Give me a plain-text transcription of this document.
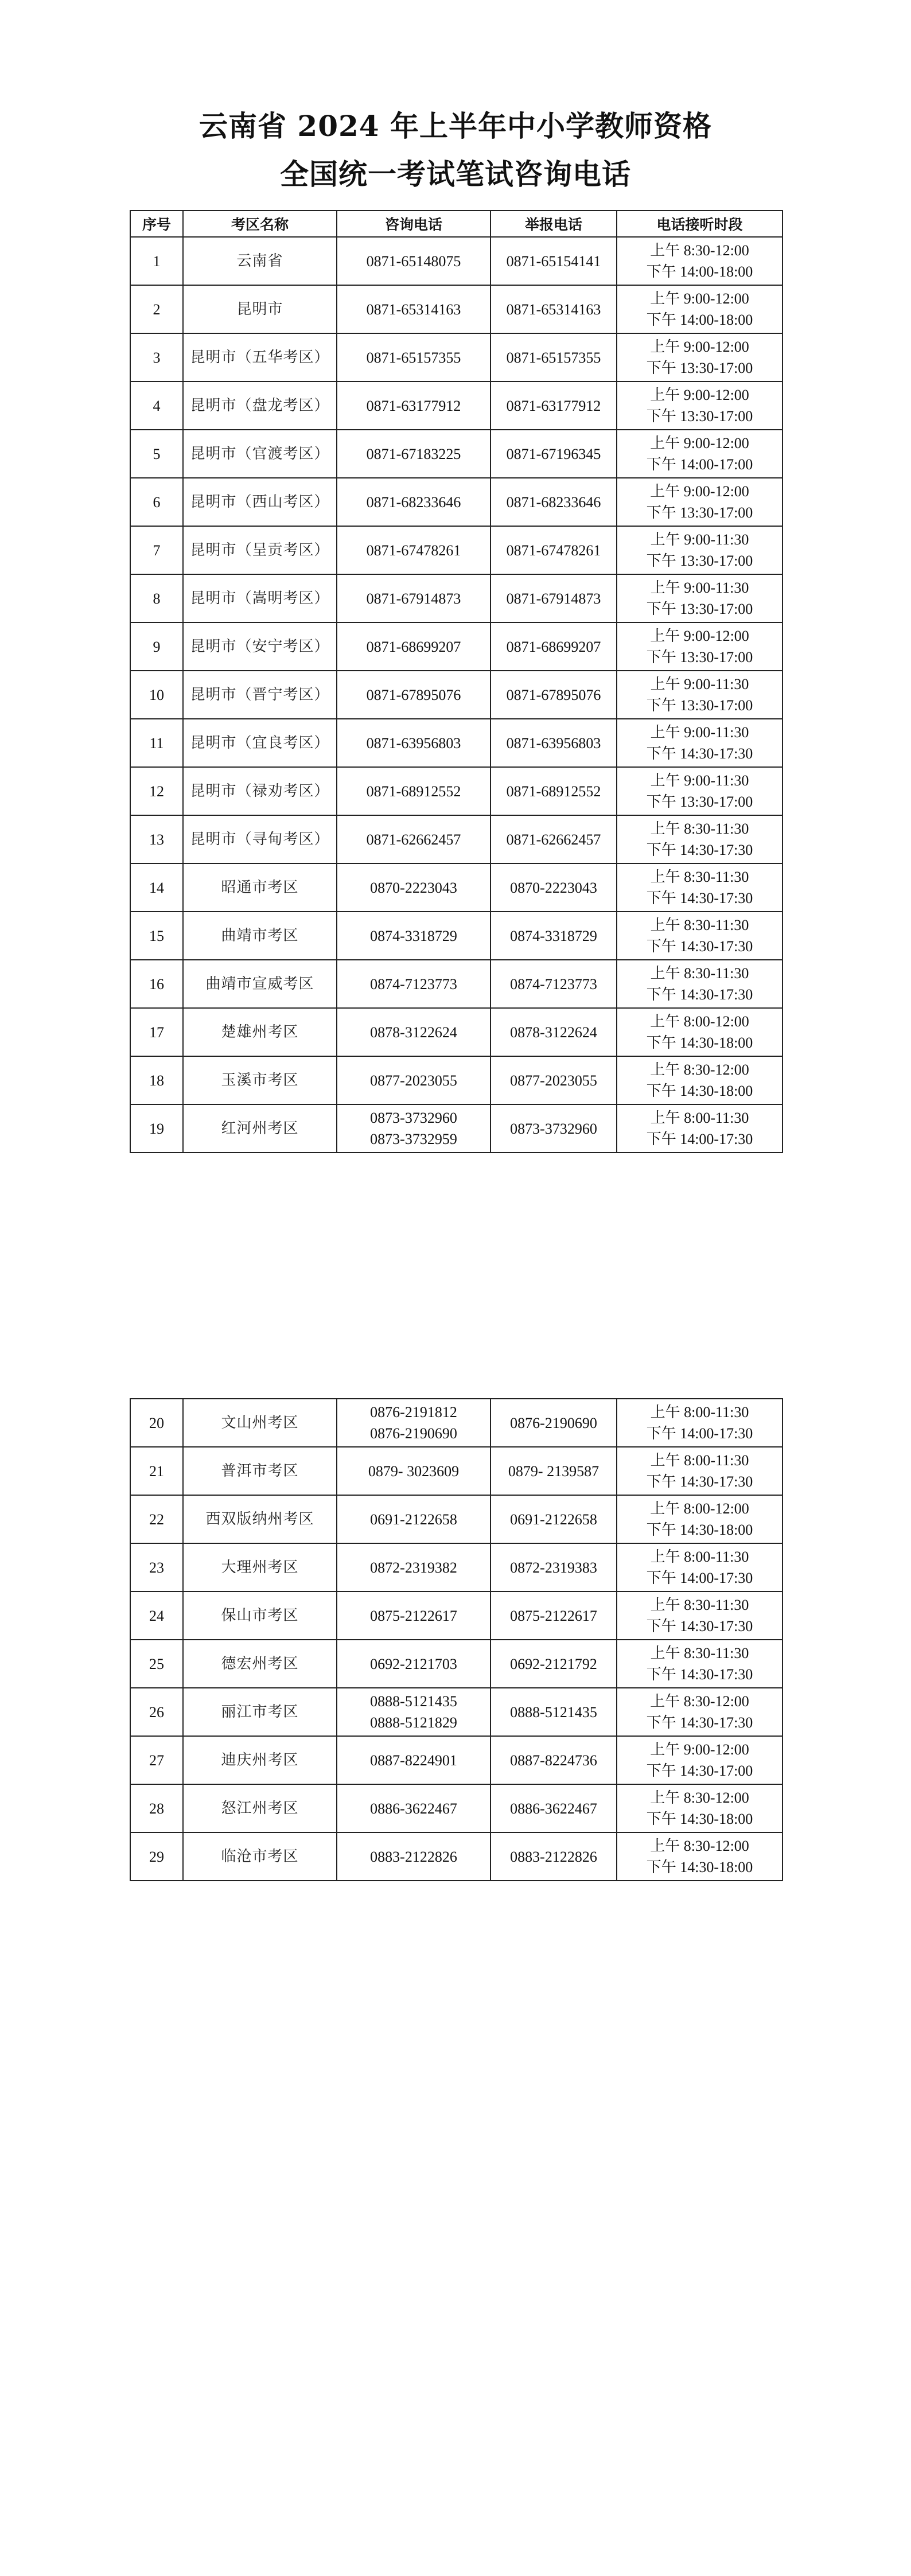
云南省 2024 年上半年中小学教师资格
全国统一考试笔试咨询电话
序号	考区名称	咨询电话	举报电话	电话接听时段
1	云南省	0871-65148075	0871-65154141	上午 8:30-12:00
下午 14:00-18:00

2	昆明市	0871-65314163	0871-65314163	上午 9:00-12:00
下午 14:00-18:00

3	昆明市（五华考区）	0871-65157355	0871-65157355	上午 9:00-12:00
下午 13:30-17:00

4	昆明市（盘龙考区）	0871-63177912	0871-63177912	上午 9:00-12:00
下午 13:30-17:00

5	昆明市（官渡考区）	0871-67183225	0871-67196345	上午 9:00-12:00
下午 14:00-17:00

6	昆明市（西山考区）	0871-68233646	0871-68233646	上午 9:00-12:00
下午 13:30-17:00

7	昆明市（呈贡考区）	0871-67478261	0871-67478261	上午 9:00-11:30
下午 13:30-17:00

8	昆明市（嵩明考区）	0871-67914873	0871-67914873	上午 9:00-11:30
下午 13:30-17:00

9	昆明市（安宁考区）	0871-68699207	0871-68699207	上午 9:00-12:00
下午 13:30-17:00

10	昆明市（晋宁考区）	0871-67895076	0871-67895076	上午 9:00-11:30
下午 13:30-17:00

11	昆明市（宜良考区）	0871-63956803	0871-63956803	上午 9:00-11:30
下午 14:30-17:30

12	昆明市（禄劝考区）	0871-68912552	0871-68912552	上午 9:00-11:30
下午 13:30-17:00

13	昆明市（寻甸考区）	0871-62662457	0871-62662457	上午 8:30-11:30
下午 14:30-17:30

14	昭通市考区	0870-2223043	0870-2223043	上午 8:30-11:30
下午 14:30-17:30

15	曲靖市考区	0874-3318729	0874-3318729	上午 8:30-11:30
下午 14:30-17:30

16	曲靖市宣威考区	0874-7123773	0874-7123773	上午 8:30-11:30
下午 14:30-17:30

17	楚雄州考区	0878-3122624	0878-3122624	上午 8:00-12:00
下午 14:30-18:00

18	玉溪市考区	0877-2023055	0877-2023055	上午 8:30-12:00
下午 14:30-18:00

19	红河州考区	0873-3732960
0873-3732959	0873-3732960	上午 8:00-11:30
下午 14:00-17:30
20	文山州考区	0876-2191812
0876-2190690	0876-2190690	上午 8:00-11:30
下午 14:00-17:30

21	普洱市考区	0879- 3023609	0879- 2139587	上午 8:00-11:30
下午 14:30-17:30

22	西双版纳州考区	0691-2122658	0691-2122658	上午 8:00-12:00
下午 14:30-18:00

23	大理州考区	0872-2319382	0872-2319383	上午 8:00-11:30
下午 14:00-17:30

24	保山市考区	0875-2122617	0875-2122617	上午 8:30-11:30
下午 14:30-17:30

25	德宏州考区	0692-2121703	0692-2121792	上午 8:30-11:30
下午 14:30-17:30

26	丽江市考区	0888-5121435
0888-5121829	0888-5121435	上午 8:30-12:00
下午 14:30-17:30

27	迪庆州考区	0887-8224901	0887-8224736	上午 9:00-12:00
下午 14:30-17:00

28	怒江州考区	0886-3622467	0886-3622467	上午 8:30-12:00
下午 14:30-18:00

29	临沧市考区	0883-2122826	0883-2122826	上午 8:30-12:00
下午 14:30-18:00
